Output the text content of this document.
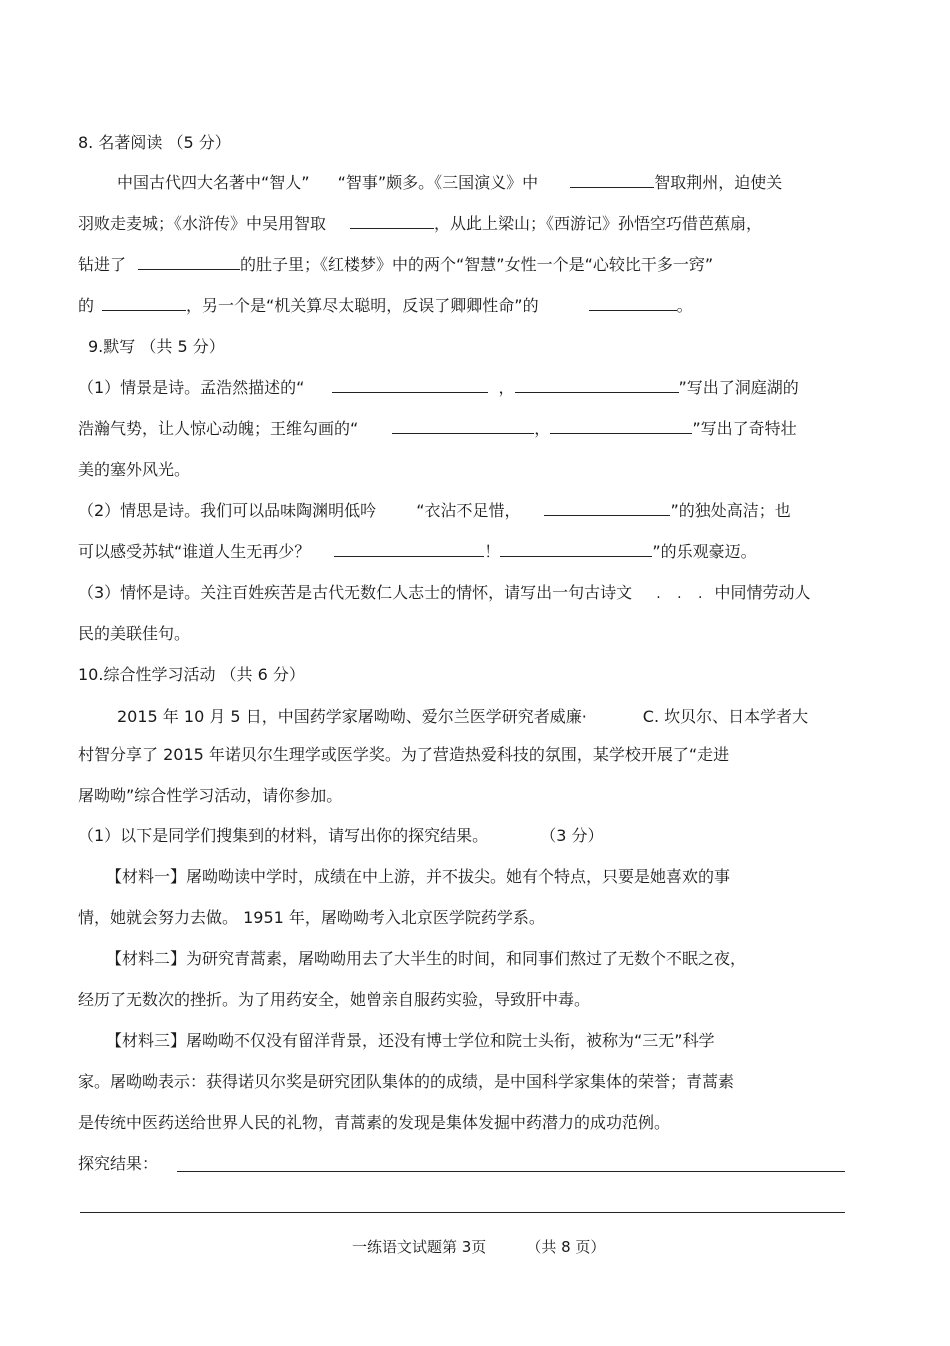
8. 名著阅读 （5 分）
中国古代四大名著中“智人” “智事”颇多。《三国演义》中	智取荆州，迫使关
羽败走麦城；《水浒传》中吴用智取	，从此上梁山；《西游记》孙悟空巧借芭蕉扇，
钻进了	的肚子里；《红楼梦》中的两个“智慧”女性一个是“心较比干多一窍”
的	，另一个是“机关算尽太聪明，反误了卿卿性命”的	。
9.默写 （共 5 分）
（1）情景是诗。孟浩然描述的“	，	”写出了洞庭湖的
浩瀚气势，让人惊心动魄；王维勾画的“	，	”写出了奇特壮
美的塞外风光。
（2）情思是诗。我们可以品味陶渊明低吟	“衣沾不足惜，	”的独处高洁；也
可以感受苏轼“谁道人生无再少？	！	”的乐观豪迈。
（3）情怀是诗。关注百姓疾苦是古代无数仁人志士的情怀，请写出一句古诗文 . . . 中同情劳动人
民的美联佳句。
10.综合性学习活动 （共 6 分）
2015 年 10 月 5 日，中国药学家屠呦呦、爱尔兰医学研究者威廉·	C. 坎贝尔、日本学者大
村智分享了 2015 年诺贝尔生理学或医学奖。为了营造热爱科技的氛围，某学校开展了“走进
屠呦呦”综合性学习活动，请你参加。
（1）以下是同学们搜集到的材料，请写出你的探究结果。	（3 分）
【材料一】屠呦呦读中学时，成绩在中上游，并不拔尖。她有个特点，只要是她喜欢的事
情，她就会努力去做。 1951 年，屠呦呦考入北京医学院药学系。
【材料二】为研究青蒿素，屠呦呦用去了大半生的时间，和同事们熬过了无数个不眠之夜，
经历了无数次的挫折。为了用药安全，她曾亲自服药实验，导致肝中毒。
【材料三】屠呦呦不仅没有留洋背景，还没有博士学位和院士头衔，被称为“三无”科学
家。屠呦呦表示：获得诺贝尔奖是研究团队集体的的成绩，是中国科学家集体的荣誉；青蒿素
是传统中医药送给世界人民的礼物，青蒿素的发现是集体发掘中药潜力的成功范例。
探究结果：
一练语文试题第 3页	（共 8 页）
